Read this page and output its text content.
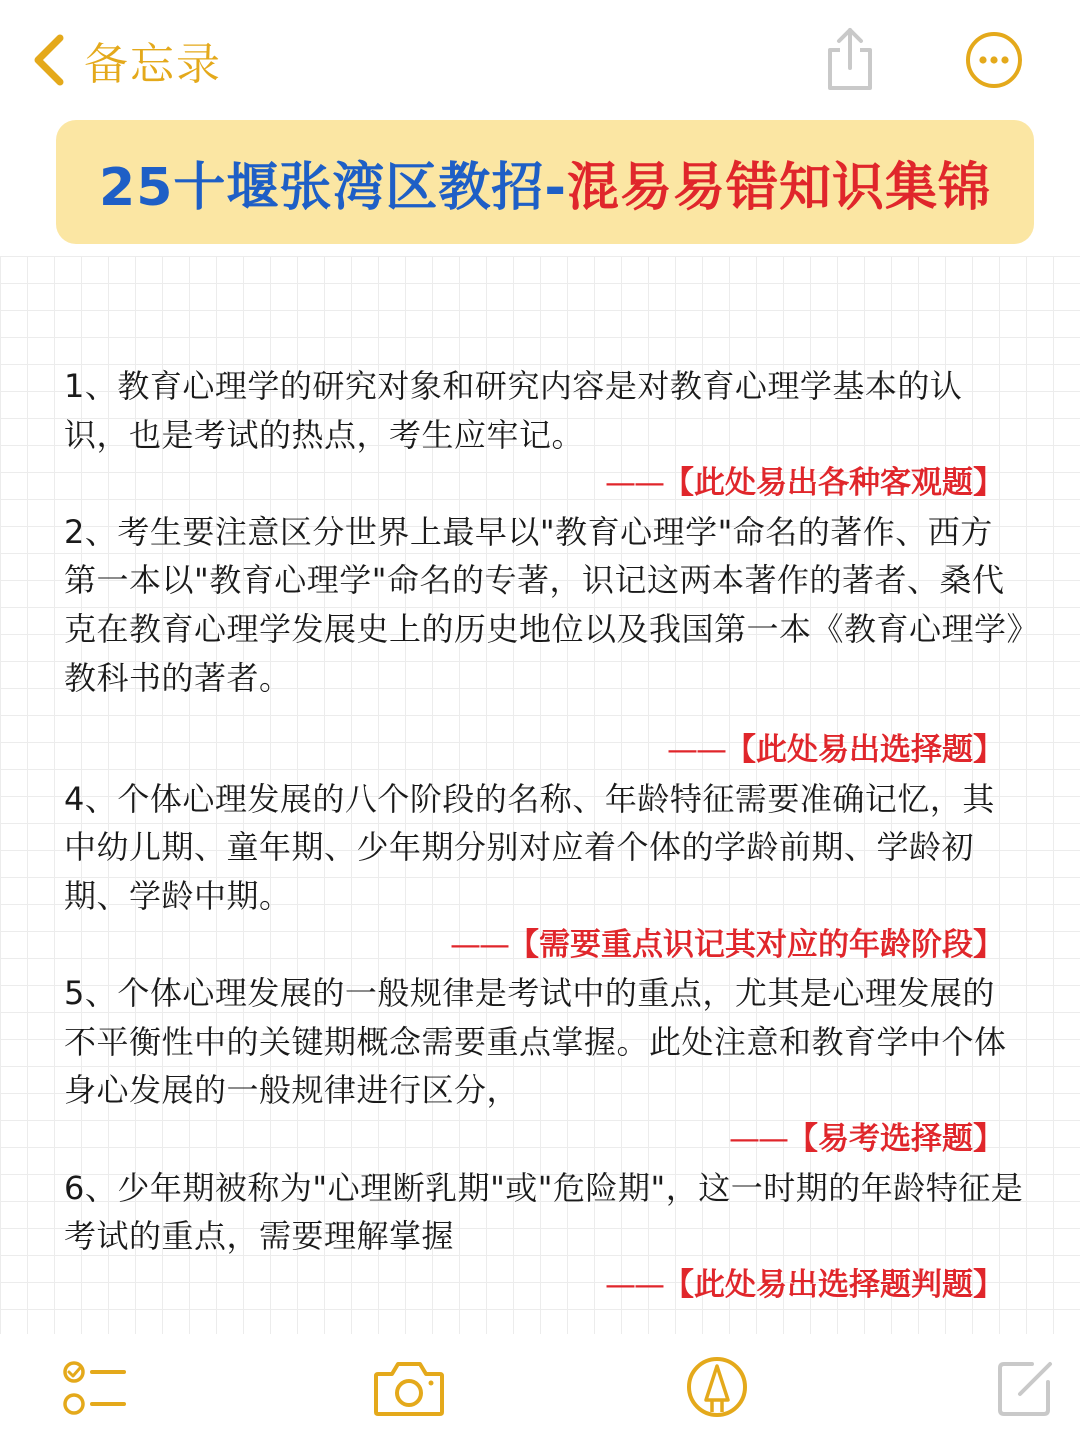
备忘录
25十堰张湾区教招-混易易错知识集锦

1、教育心理学的研究对象和研究内容是对教育心理学基本的认识，也是考试的热点，考生应牢记。

——【此处易出各种客观题】

2、考生要注意区分世界上最早以"教育心理学"命名的著作、西方第一本以"教育心理学"命名的专著，识记这两本著作的著者、桑代克在教育心理学发展史上的历史地位以及我国第一本《教育心理学》教科书的著者。

——【此处易出选择题】

4、个体心理发展的八个阶段的名称、年龄特征需要准确记忆，其中幼儿期、童年期、少年期分别对应着个体的学龄前期、学龄初期、学龄中期。

——【需要重点识记其对应的年龄阶段】

5、个体心理发展的一般规律是考试中的重点，尤其是心理发展的不平衡性中的关键期概念需要重点掌握。此处注意和教育学中个体身心发展的一般规律进行区分，

——【易考选择题】

6、少年期被称为"心理断乳期"或"危险期"，这一时期的年龄特征是考试的重点，需要理解掌握

——【此处易出选择题判题】
